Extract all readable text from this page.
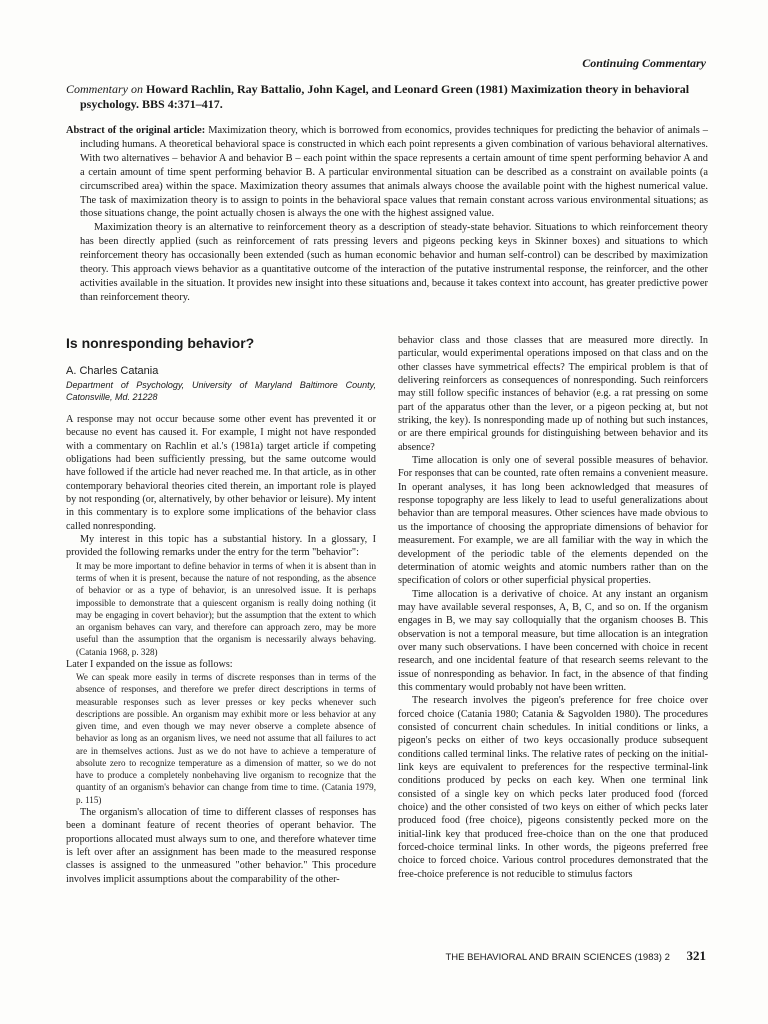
Continuing Commentary
Commentary on Howard Rachlin, Ray Battalio, John Kagel, and Leonard Green (1981) Maximization theory in behavioral psychology. BBS 4:371–417.

Abstract of the original article: Maximization theory, which is borrowed from economics, provides techniques for predicting the behavior of animals – including humans. A theoretical behavioral space is constructed in which each point represents a given combination of various behavioral alternatives. With two alternatives – behavior A and behavior B – each point within the space represents a certain amount of time spent performing behavior A and a certain amount of time spent performing behavior B. A particular environmental situation can be described as a constraint on available points (a circumscribed area) within the space. Maximization theory assumes that animals always choose the available point with the highest numerical value. The task of maximization theory is to assign to points in the behavioral space values that remain constant across various environmental situations; as those situations change, the point actually chosen is always the one with the highest assigned value.

Maximization theory is an alternative to reinforcement theory as a description of steady-state behavior. Situations to which reinforcement theory has been directly applied (such as reinforcement of rats pressing levers and pigeons pecking keys in Skinner boxes) and situations to which reinforcement theory has occasionally been extended (such as human economic behavior and human self-control) can be described by maximization theory. This approach views behavior as a quantitative outcome of the interaction of the putative instrumental response, the reinforcer, and the other activities available in the situation. It provides new insight into these situations and, because it takes context into account, has greater predictive power than reinforcement theory.

Is nonresponding behavior?
A. Charles Catania
Department of Psychology, University of Maryland Baltimore County, Catonsville, Md. 21228

A response may not occur because some other event has prevented it or because no event has caused it. For example, I might not have responded with a commentary on Rachlin et al.'s (1981a) target article if competing obligations had been sufficiently pressing, but the same outcome would have followed if the article had never reached me. In that article, as in other contemporary behavioral theories cited therein, an important role is played by not responding (or, alternatively, by other behavior or leisure). My intent in this commentary is to explore some implications of the behavior class called nonresponding.

My interest in this topic has a substantial history. In a glossary, I provided the following remarks under the entry for the term "behavior":

It may be more important to define behavior in terms of when it is absent than in terms of when it is present, because the nature of not responding, as the absence of behavior or as a type of behavior, is an unresolved issue. It is perhaps impossible to demonstrate that a quiescent organism is really doing nothing (it may be engaging in covert behavior); but the assumption that the extent to which an organism behaves can vary, and therefore can approach zero, may be more useful than the assumption that the organism is necessarily always behaving. (Catania 1968, p. 328)

Later I expanded on the issue as follows:

We can speak more easily in terms of discrete responses than in terms of the absence of responses, and therefore we prefer direct descriptions in terms of measurable responses such as lever presses or key pecks whenever such descriptions are possible. An organism may exhibit more or less behavior at any given time, and even though we may never observe a complete absence of behavior as long as an organism lives, we need not assume that all failures to act are in themselves actions. Just as we do not have to achieve a temperature of absolute zero to recognize temperature as a dimension of matter, so we do not have to produce a completely nonbehaving live organism to recognize that the quantity of an organism's behavior can change from time to time. (Catania 1979, p. 115)

The organism's allocation of time to different classes of responses has been a dominant feature of recent theories of operant behavior. The proportions allocated must always sum to one, and therefore whatever time is left over after an assignment has been made to the measured response classes is assigned to the unmeasured "other behavior." This procedure involves implicit assumptions about the comparability of the other-

behavior class and those classes that are measured more directly. In particular, would experimental operations imposed on that class and on the other classes have symmetrical effects? The empirical problem is that of delivering reinforcers as consequences of nonresponding. Such reinforcers may still follow specific instances of behavior (e.g. a rat pressing on some part of the apparatus other than the lever, or a pigeon pecking at, but not striking, the key). Is nonresponding made up of nothing but such instances, or are there empirical grounds for distinguishing between behavior and its absence?

Time allocation is only one of several possible measures of behavior. For responses that can be counted, rate often remains a convenient measure. In operant analyses, it has long been acknowledged that measures of response topography are less likely to lead to useful generalizations about behavior than are temporal measures. Other sciences have made obvious to us the importance of choosing the appropriate dimensions of behavior for measurement. For example, we are all familiar with the way in which the development of the periodic table of the elements depended on the determination of atomic weights and atomic numbers rather than on the specification of colors or other superficial physical properties.

Time allocation is a derivative of choice. At any instant an organism may have available several responses, A, B, C, and so on. If the organism engages in B, we may say colloquially that the organism chooses B. This observation is not a temporal measure, but time allocation is an integration over many such observations. I have been concerned with choice in recent research, and one incidental feature of that research seems relevant to the issue of nonresponding as behavior. In fact, in the absence of that finding this commentary would probably not have been written.

The research involves the pigeon's preference for free choice over forced choice (Catania 1980; Catania & Sagvolden 1980). The procedures consisted of concurrent chain schedules. In initial conditions or links, a pigeon's pecks on either of two keys occasionally produce subsequent conditions called terminal links. The relative rates of pecking on the initial-link keys are equivalent to preferences for the respective terminal-link conditions produced by pecks on each key. When one terminal link consisted of a single key on which pecks later produced food (forced choice) and the other consisted of two keys on either of which pecks later produced food (free choice), pigeons consistently pecked more on the initial-link key that produced free-choice than on the one that produced forced-choice terminal links. In other words, the pigeons preferred free choice to forced choice. Various control procedures demonstrated that the free-choice preference is not reducible to stimulus factors

THE BEHAVIORAL AND BRAIN SCIENCES (1983) 2 321
